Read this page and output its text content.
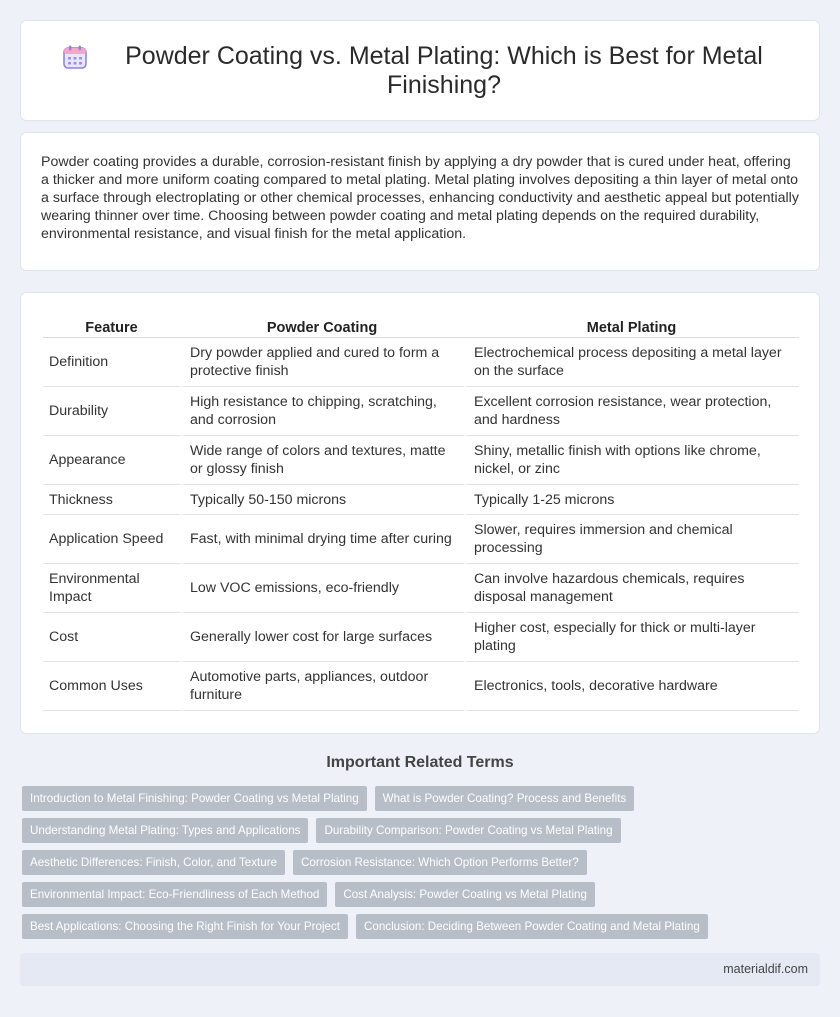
Powder Coating vs. Metal Plating: Which is Best for Metal Finishing?

Powder coating provides a durable, corrosion-resistant finish by applying a dry powder that is cured under heat, offering a thicker and more uniform coating compared to metal plating. Metal plating involves depositing a thin layer of metal onto a surface through electroplating or other chemical processes, enhancing conductivity and aesthetic appeal but potentially wearing thinner over time. Choosing between powder coating and metal plating depends on the required durability, environmental resistance, and visual finish for the metal application.

Feature	Powder Coating	Metal Plating
Definition	Dry powder applied and cured to form a protective finish	Electrochemical process depositing a metal layer on the surface
Durability	High resistance to chipping, scratching, and corrosion	Excellent corrosion resistance, wear protection, and hardness
Appearance	Wide range of colors and textures, matte or glossy finish	Shiny, metallic finish with options like chrome, nickel, or zinc
Thickness	Typically 50-150 microns	Typically 1-25 microns
Application Speed	Fast, with minimal drying time after curing	Slower, requires immersion and chemical processing
Environmental Impact	Low VOC emissions, eco-friendly	Can involve hazardous chemicals, requires disposal management
Cost	Generally lower cost for large surfaces	Higher cost, especially for thick or multi-layer plating
Common Uses	Automotive parts, appliances, outdoor furniture	Electronics, tools, decorative hardware
Important Related Terms
Introduction to Metal Finishing: Powder Coating vs Metal Plating	What is Powder Coating? Process and Benefits
Understanding Metal Plating: Types and Applications	Durability Comparison: Powder Coating vs Metal Plating
Aesthetic Differences: Finish, Color, and Texture	Corrosion Resistance: Which Option Performs Better?
Environmental Impact: Eco-Friendliness of Each Method	Cost Analysis: Powder Coating vs Metal Plating
Best Applications: Choosing the Right Finish for Your Project	Conclusion: Deciding Between Powder Coating and Metal Plating
materialdif.com
